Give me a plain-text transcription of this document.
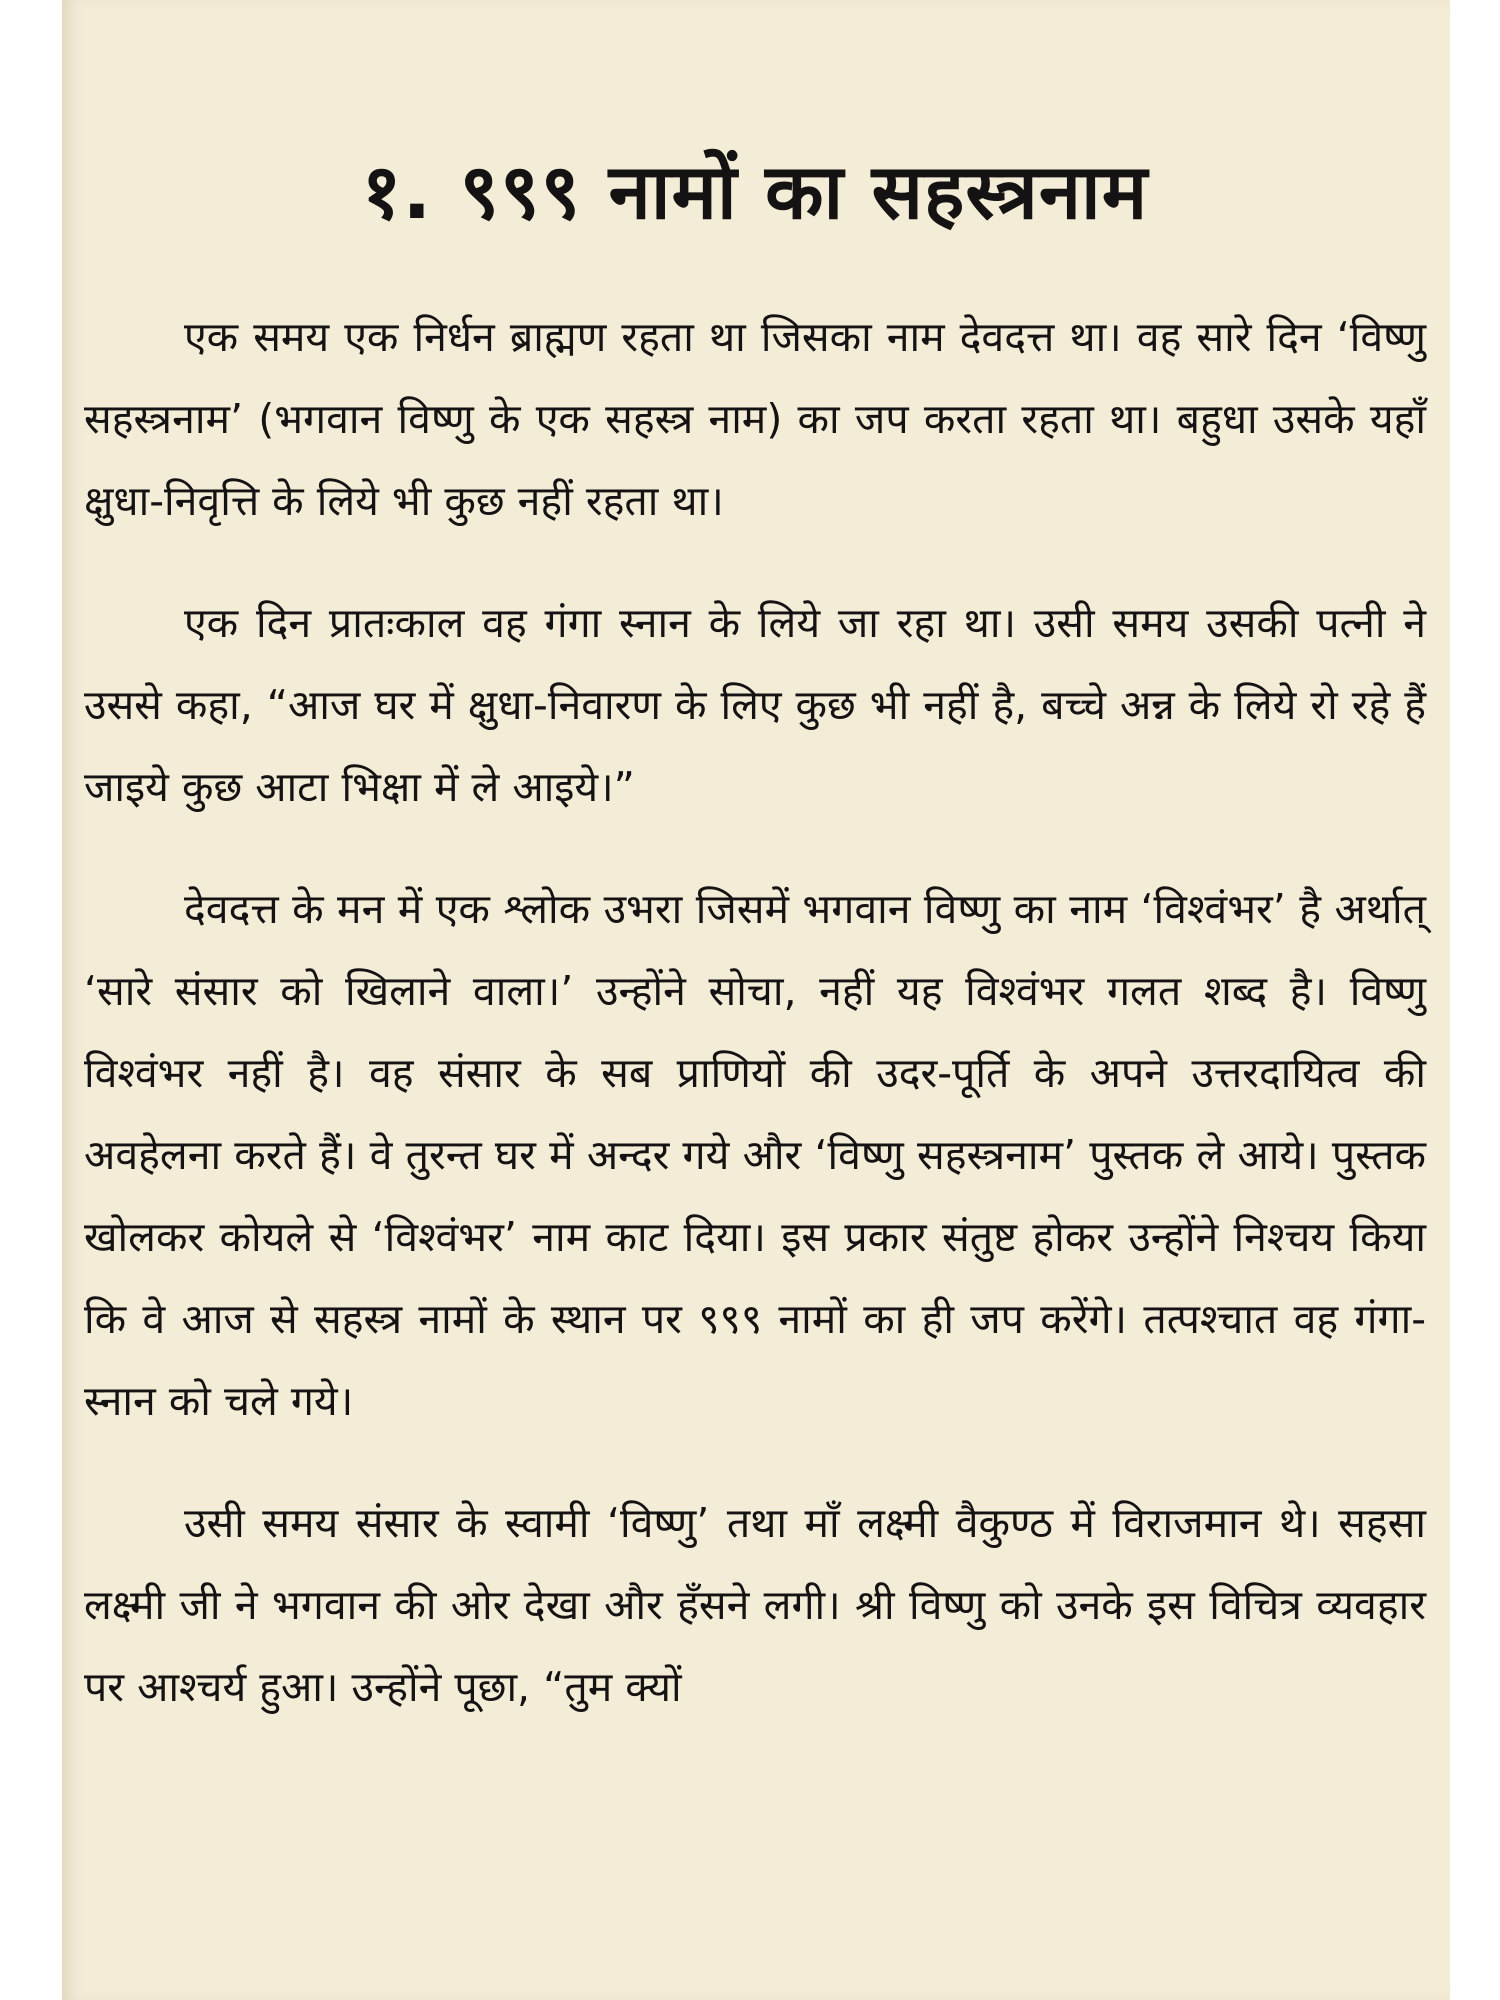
१. ९९९ नामों का सहस्त्रनाम

एक समय एक निर्धन ब्राह्मण रहता था जिसका नाम देवदत्त था। वह सारे दिन ‘विष्णु सहस्त्रनाम’ (भगवान विष्णु के एक सहस्त्र नाम) का जप करता रहता था। बहुधा उसके यहाँ क्षुधा-निवृत्ति के लिये भी कुछ नहीं रहता था।

एक दिन प्रातःकाल वह गंगा स्नान के लिये जा रहा था। उसी समय उसकी पत्नी ने उससे कहा, “आज घर में क्षुधा-निवारण के लिए कुछ भी नहीं है, बच्चे अन्न के लिये रो रहे हैं जाइये कुछ आटा भिक्षा में ले आइये।”

देवदत्त के मन में एक श्लोक उभरा जिसमें भगवान विष्णु का नाम ‘विश्वंभर’ है अर्थात् ‘सारे संसार को खिलाने वाला।’ उन्होंने सोचा, नहीं यह विश्वंभर गलत शब्द है। विष्णु विश्वंभर नहीं है। वह संसार के सब प्राणियों की उदर-पूर्ति के अपने उत्तरदायित्व की अवहेलना करते हैं। वे तुरन्त घर में अन्दर गये और ‘विष्णु सहस्त्रनाम’ पुस्तक ले आये। पुस्तक खोलकर कोयले से ‘विश्वंभर’ नाम काट दिया। इस प्रकार संतुष्ट होकर उन्होंने निश्चय किया कि वे आज से सहस्त्र नामों के स्थान पर ९९९ नामों का ही जप करेंगे। तत्पश्चात वह गंगा-स्नान को चले गये।

उसी समय संसार के स्वामी ‘विष्णु’ तथा माँ लक्ष्मी वैकुण्ठ में विराजमान थे। सहसा लक्ष्मी जी ने भगवान की ओर देखा और हँसने लगी। श्री विष्णु को उनके इस विचित्र व्यवहार पर आश्चर्य हुआ। उन्होंने पूछा, “तुम क्यों
